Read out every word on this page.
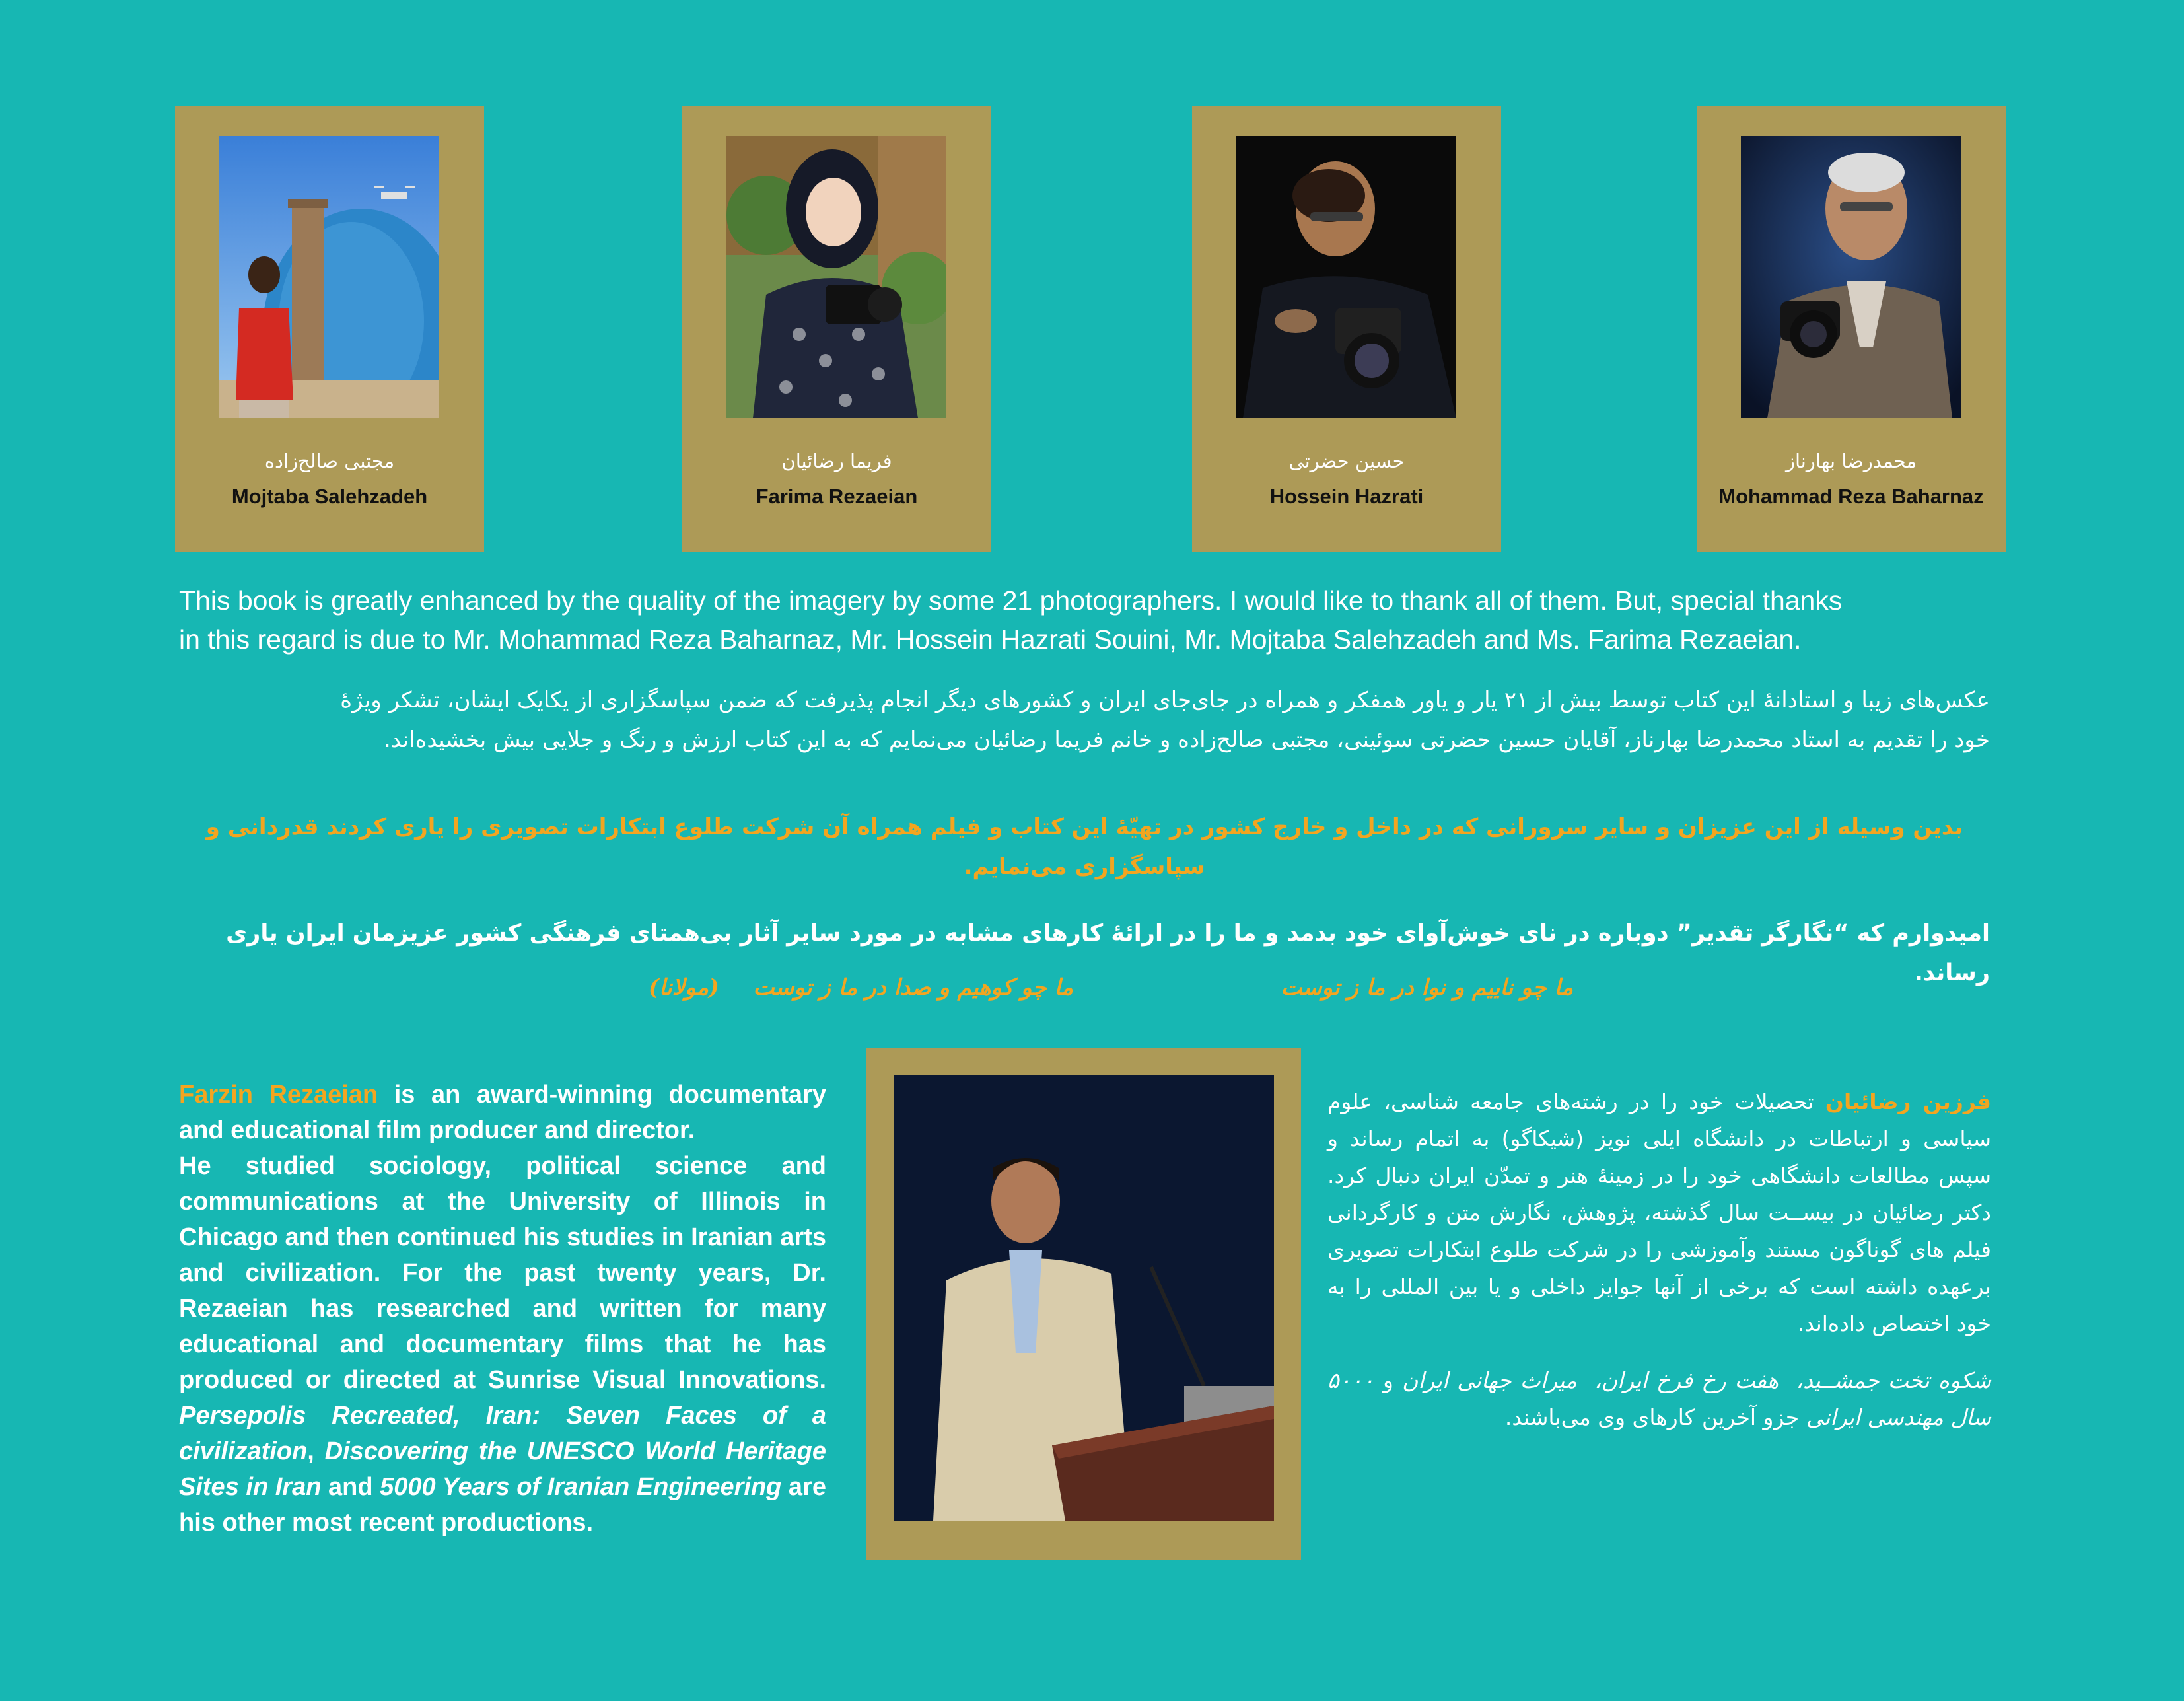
مجتبی صالح‌زاده
Mojtaba Salehzadeh
فریما رضائیان
Farima Rezaeian
حسین حضرتی
Hossein Hazrati
محمدرضا بهارناز
Mohammad Reza Baharnaz
This book is greatly enhanced by the quality of the imagery by some 21 photographers. I would like to thank all of them. But, special thanks
in this regard is due to Mr. Mohammad Reza Baharnaz, Mr. Hossein Hazrati Souini, Mr. Mojtaba Salehzadeh and Ms. Farima Rezaeian.
عکس‌های زیبا و استادانهٔ این کتاب توسط بیش از ۲۱ یار و یاور همفکر و همراه در جای‌جای ایران و کشورهای دیگر انجام پذیرفت که ضمن سپاسگزاری از یکایک ایشان، تشکر ویژهٔ
خود را تقدیم به استاد محمدرضا بهارناز، آقایان حسین حضرتی سوئینی، مجتبی صالح‌زاده و خانم فریما رضائیان می‌نمایم که به این کتاب ارزش و رنگ و جلایی بیش بخشیده‌اند.
بدین وسیله از این عزیزان و سایر سرورانی که در داخل و خارج کشور در تهیّهٔ این کتاب و فیلم همراه آن شرکت طلوع ابتکارات تصویری را یاری کردند قدردانی و
سپاسگزاری می‌نمایم.
امیدوارم که “نگارگر تقدیر” دوباره در نای خوش‌آوای خود بدمد و ما را در ارائهٔ کارهای مشابه در مورد سایر آثار بی‌همتای فرهنگی کشور عزیزمان ایران یاری رساند.
ما چو ناییم و نوا در ما ز توست
ما چو کوهیم و صدا در ما ز توست
(مولانا)
Farzin Rezaeian is an award-winning documentary and educational film producer and director.
He studied sociology, political science and communications at the University of Illinois in Chicago and then continued his studies in Iranian arts and civilization. For the past twenty years, Dr. Rezaeian has researched and written for many educational and documentary films that he has produced or directed at Sunrise Visual Innovations. Persepolis Recreated, Iran: Seven Faces of a civilization, Discovering the UNESCO World Heritage Sites in Iran and 5000 Years of Iranian Engineering are his other most recent productions.

فرزین رضائیان تحصیلات خود را در رشته‌های جامعه شناسی، علوم سیاسی و ارتباطات در دانشگاه ایلی نویز (شیکاگو) به اتمام رساند و سپس مطالعات دانشگاهی خود را در زمینهٔ هنر و تمدّن ایران دنبال کرد. دکتر رضائیان در بیســت سال گذشته، پژوهش، نگارش متن و کارگردانی فیلم های گوناگون مستند وآموزشی را در شرکت طلوع ابتکارات تصویری برعهده داشته است که برخی از آنها جوایز داخلی و یا بین المللی را به خود اختصاص داده‌اند.

شکوه تخت جمشــید،  هفت رخ فرخ ایران،  میراث جهانی ایران و ۵۰۰۰ سال مهندسی ایرانی جزو آخرین کارهای وی می‌باشند.
